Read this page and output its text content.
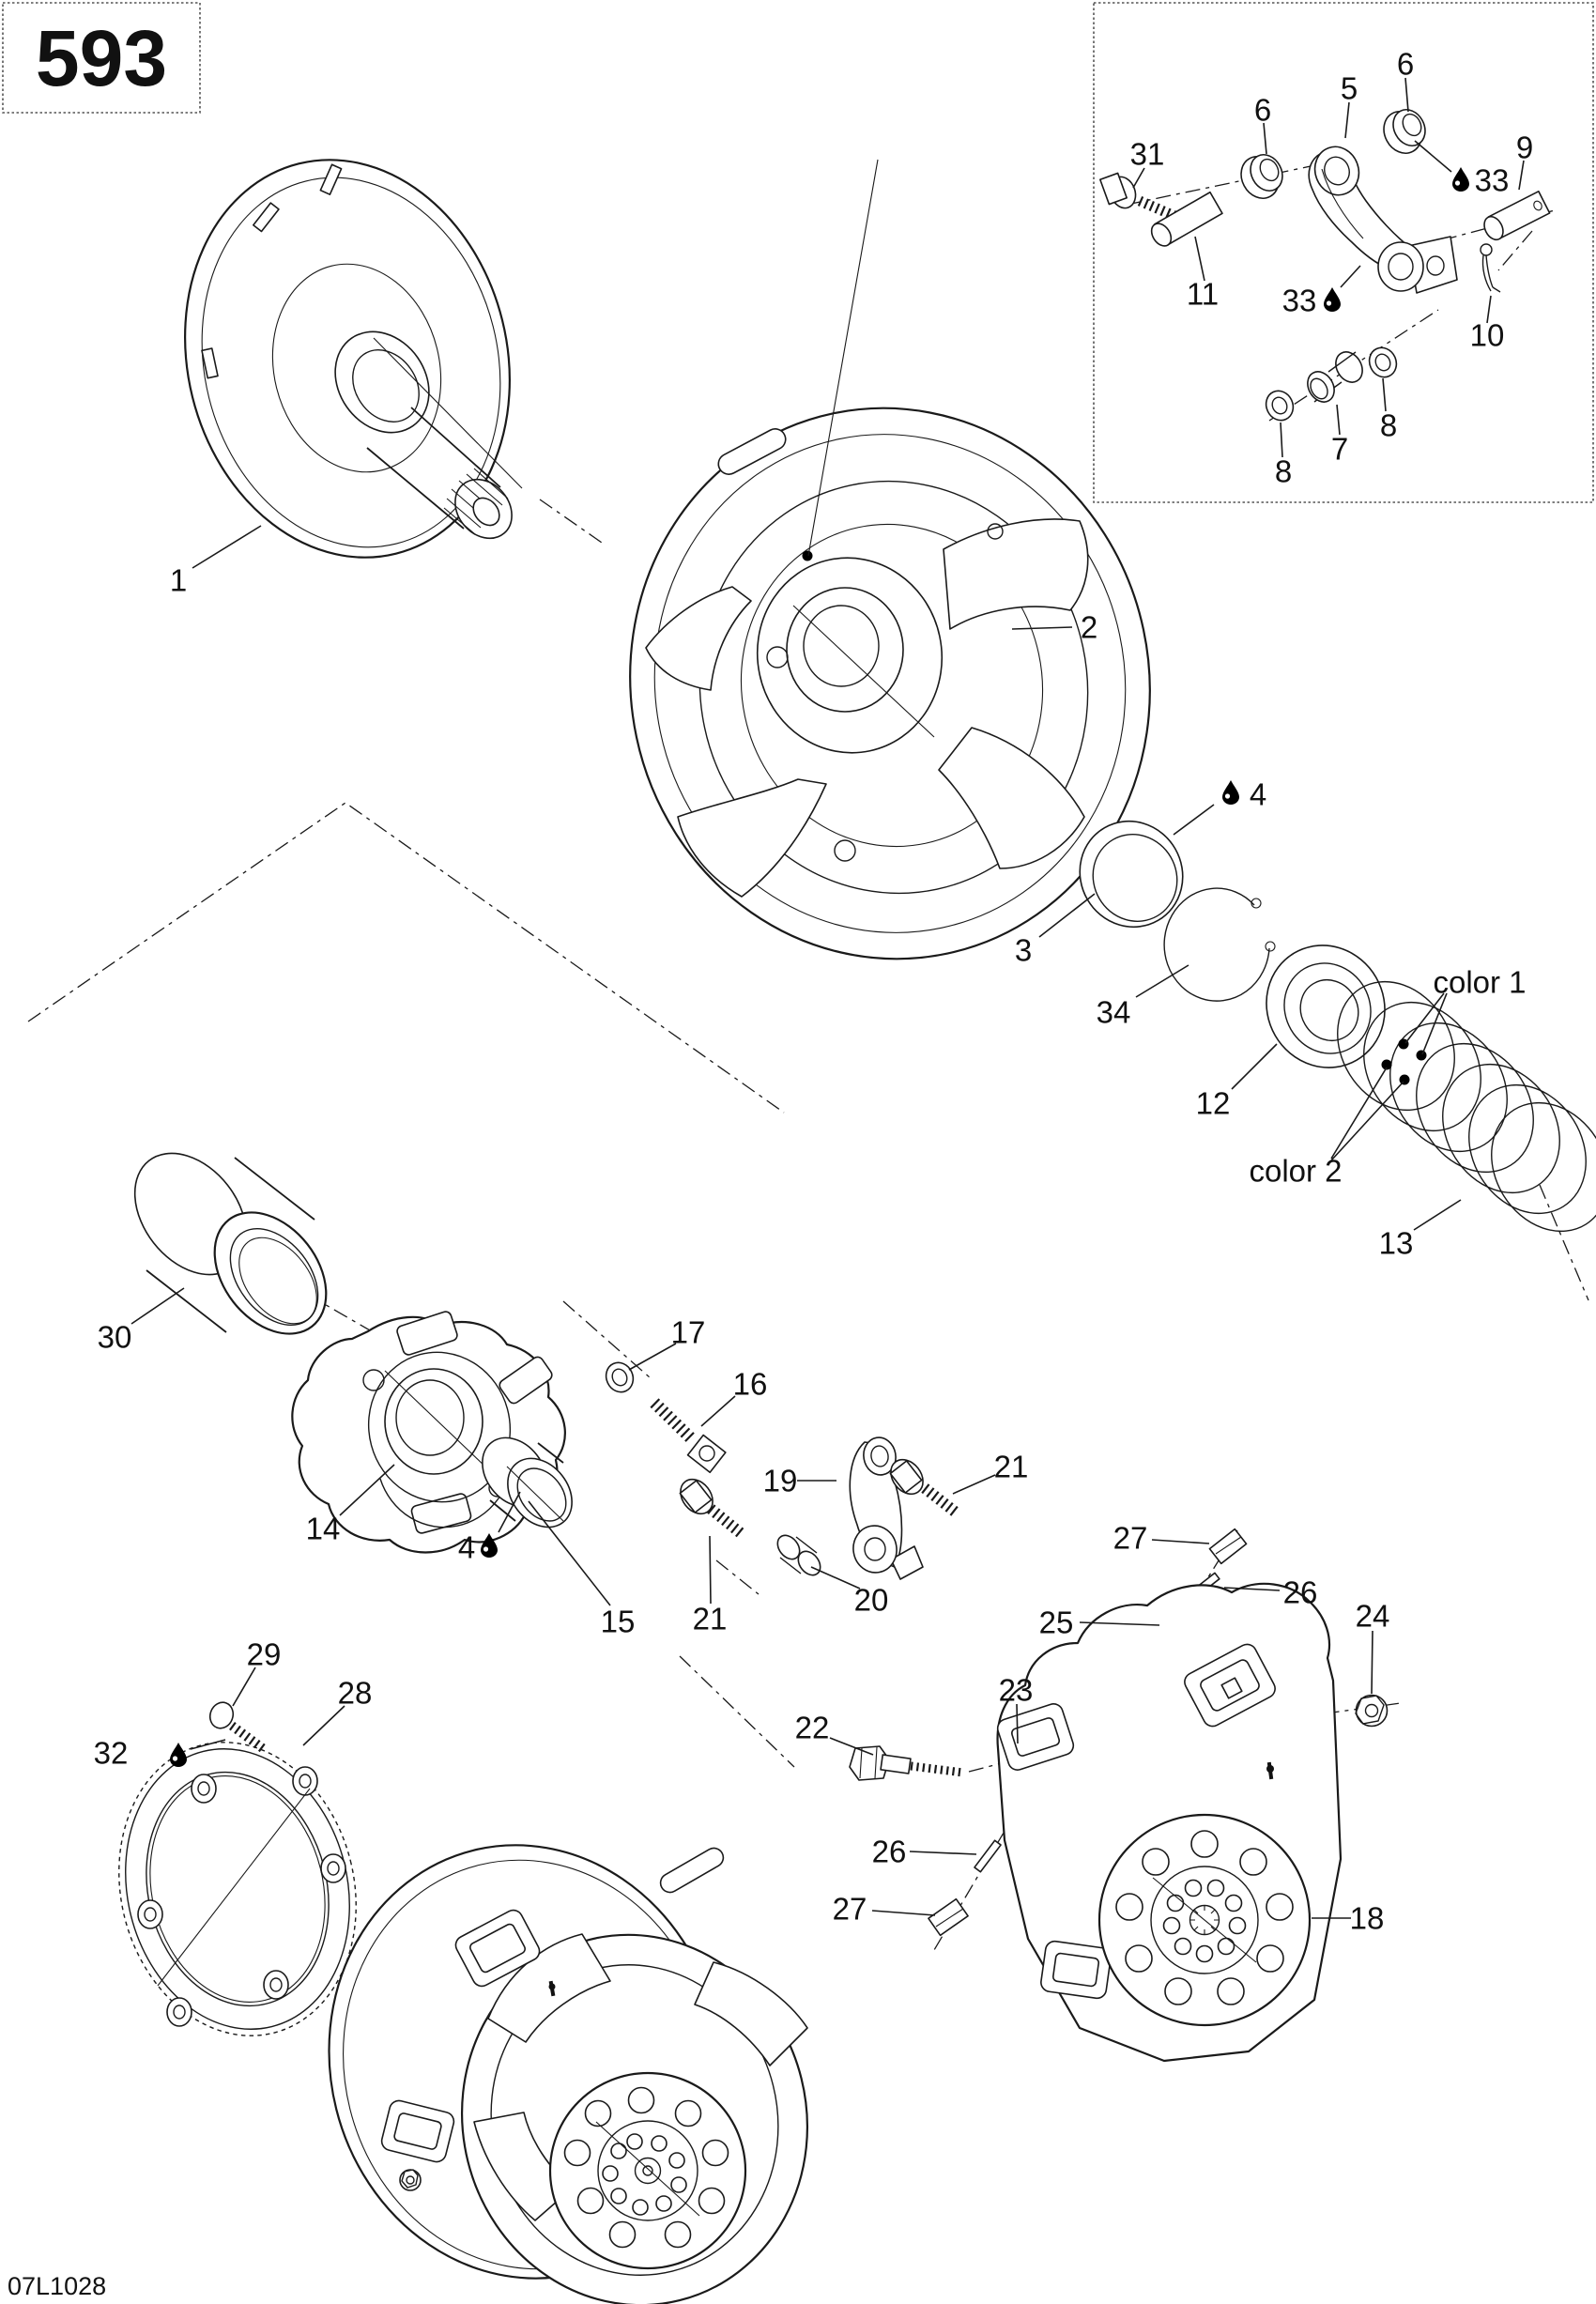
593
07L1028
1
2
3
34
4
12
color 1
color 2
13
30
14
4
15
17
16
19
21
20
21
25
26
27
24
22
23
26
27	18
29
28
32
31
6
5
6
9
33
11 33
10
8
7
8
